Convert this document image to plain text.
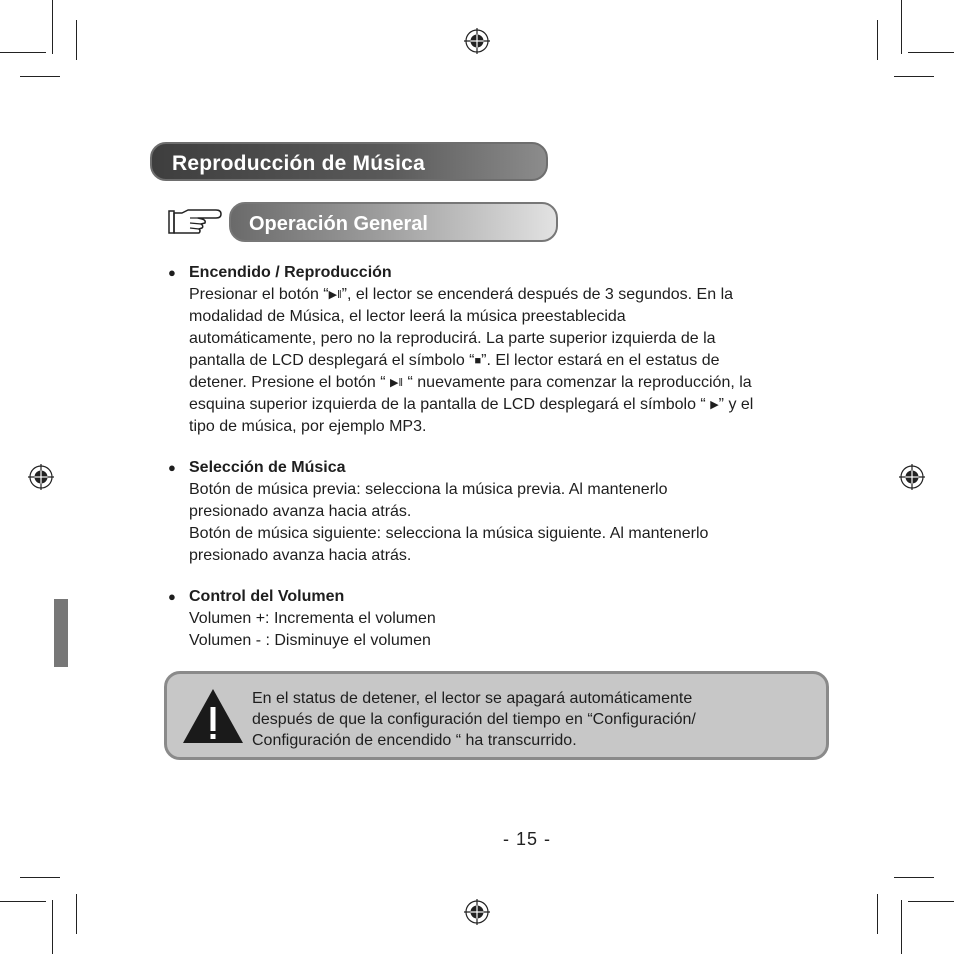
Reproducción de Música
Operación General
● Encendido / Reproducción
Presionar el botón “▶ǁ”, el lector se encenderá después de 3 segundos. En la
modalidad de Música, el lector leerá la música preestablecida
automáticamente, pero no la reproducirá. La parte superior izquierda de la
pantalla de LCD desplegará el símbolo “■”. El lector estará en el estatus de
detener. Presione el botón “ ▶ǁ “ nuevamente para comenzar la reproducción, la
esquina superior izquierda de la pantalla de LCD desplegará el símbolo “ ▶” y el
tipo de música, por ejemplo MP3.
● Selección de Música
Botón de música previa: selecciona la música previa. Al mantenerlo
presionado avanza hacia atrás.
Botón de música siguiente: selecciona la música siguiente. Al mantenerlo
presionado avanza hacia atrás.
● Control del Volumen
Volumen +: Incrementa el volumen
Volumen - : Disminuye el volumen
En el status de detener, el lector se apagará automáticamente
después de que la configuración del tiempo en “Configuración/
Configuración de encendido “ ha transcurrido.
- 15 -
